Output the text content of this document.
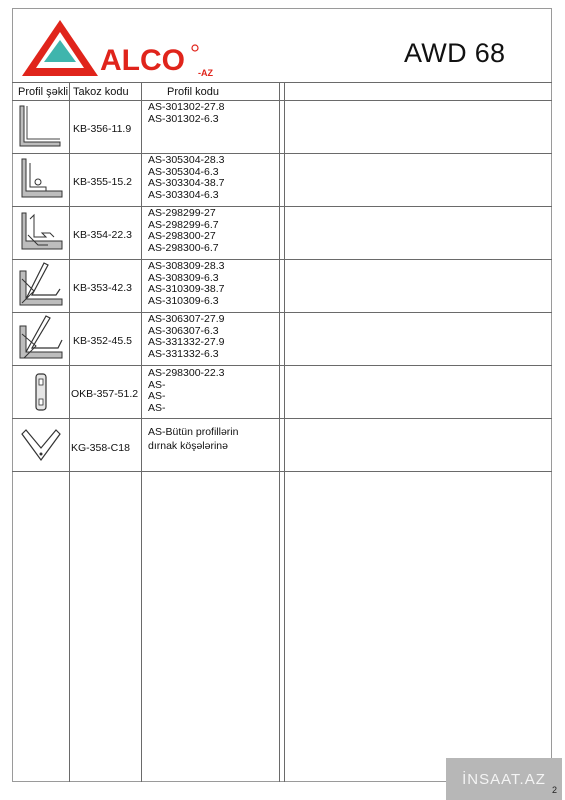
ALCO -AZ
AWD 68
Profil şəkli Takoz kodu	Profil kodu
KB-356-11.9
AS-301302-27.8
AS-301302-6.3
KB-355-15.2
AS-305304-28.3
AS-305304-6.3
AS-303304-38.7
AS-303304-6.3
KB-354-22.3
AS-298299-27
AS-298299-6.7
AS-298300-27
AS-298300-6.7
KB-353-42.3
AS-308309-28.3
AS-308309-6.3
AS-310309-38.7
AS-310309-6.3
KB-352-45.5
AS-306307-27.9
AS-306307-6.3
AS-331332-27.9
AS-331332-6.3
OKB-357-51.2
AS-298300-22.3
AS-
AS-
AS-
KG-358-C18
AS-Bütün profillərin
dırnak köşələrinə
İNSAAT.AZ
2
